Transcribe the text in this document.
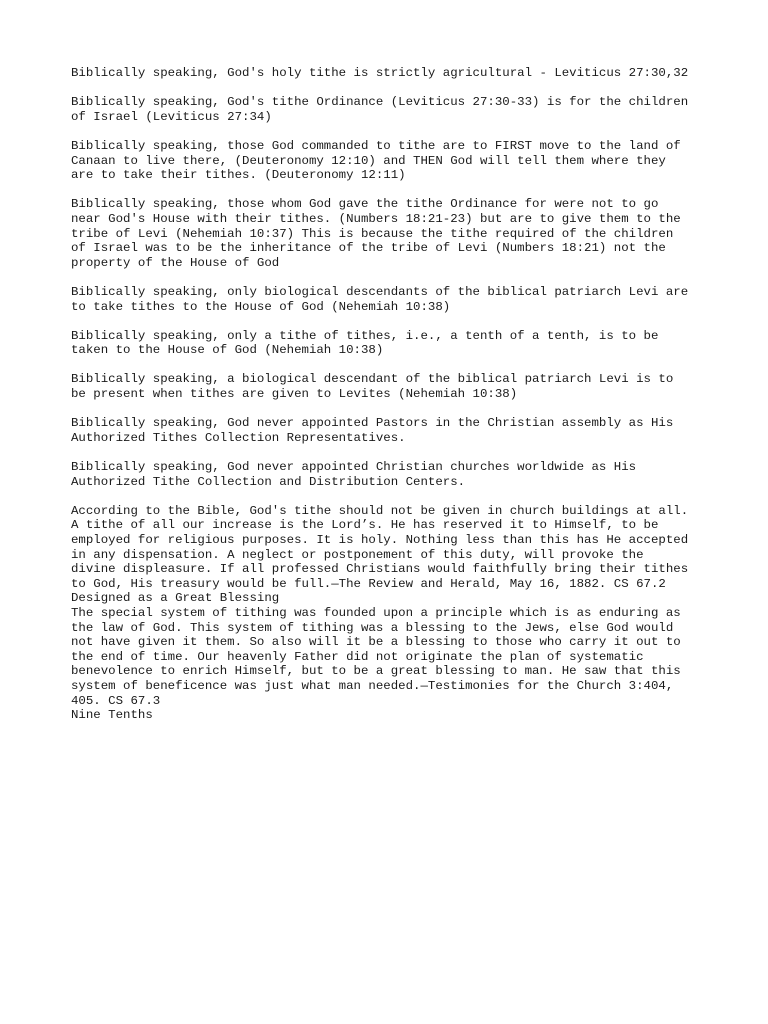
Biblically speaking, God's holy tithe is strictly agricultural - Leviticus 27:30,32

Biblically speaking, God's tithe Ordinance (Leviticus 27:30-33) is for the children
of Israel (Leviticus 27:34)

Biblically speaking, those God commanded to tithe are to FIRST move to the land of
Canaan to live there, (Deuteronomy 12:10) and THEN God will tell them where they
are to take their tithes. (Deuteronomy 12:11)

Biblically speaking, those whom God gave the tithe Ordinance for were not to go
near God's House with their tithes. (Numbers 18:21-23) but are to give them to the
tribe of Levi (Nehemiah 10:37) This is because the tithe required of the children
of Israel was to be the inheritance of the tribe of Levi (Numbers 18:21) not the
property of the House of God

Biblically speaking, only biological descendants of the biblical patriarch Levi are
to take tithes to the House of God (Nehemiah 10:38)

Biblically speaking, only a tithe of tithes, i.e., a tenth of a tenth, is to be
taken to the House of God (Nehemiah 10:38)

Biblically speaking, a biological descendant of the biblical patriarch Levi is to
be present when tithes are given to Levites (Nehemiah 10:38)

Biblically speaking, God never appointed Pastors in the Christian assembly as His
Authorized Tithes Collection Representatives.

Biblically speaking, God never appointed Christian churches worldwide as His
Authorized Tithe Collection and Distribution Centers.

According to the Bible, God's tithe should not be given in church buildings at all.
A tithe of all our increase is the Lord’s. He has reserved it to Himself, to be
employed for religious purposes. It is holy. Nothing less than this has He accepted
in any dispensation. A neglect or postponement of this duty, will provoke the
divine displeasure. If all professed Christians would faithfully bring their tithes
to God, His treasury would be full.—The Review and Herald, May 16, 1882. CS 67.2

Designed as a Great Blessing

The special system of tithing was founded upon a principle which is as enduring as
the law of God. This system of tithing was a blessing to the Jews, else God would
not have given it them. So also will it be a blessing to those who carry it out to
the end of time. Our heavenly Father did not originate the plan of systematic
benevolence to enrich Himself, but to be a great blessing to man. He saw that this
system of beneficence was just what man needed.—Testimonies for the Church 3:404,
405. CS 67.3

Nine Tenths
